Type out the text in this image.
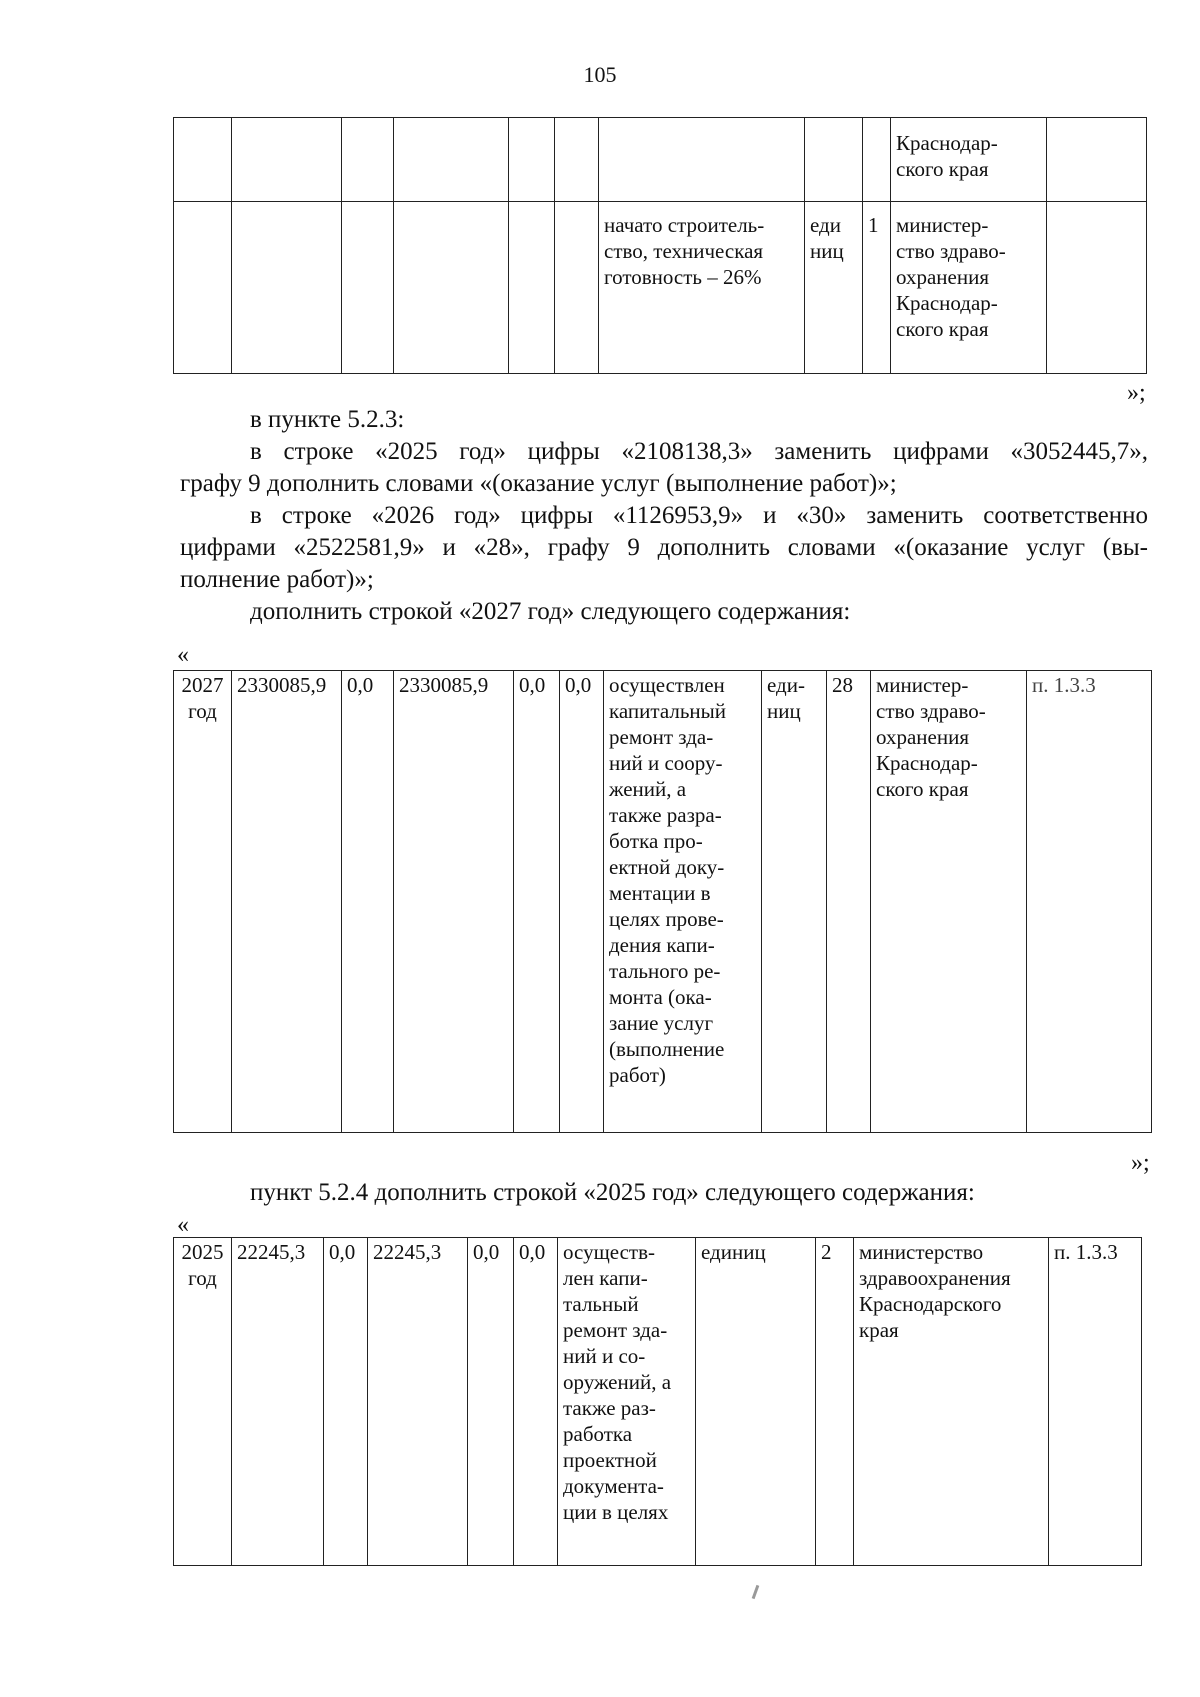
105
									Краснодар-
ского края	
						начато строитель-
ство, техническая
готовность – 26%	еди
ниц	1	министер-
ство здраво-
охранения
Краснодар-
ского края	
»;
в пункте 5.2.3:
в строке «2025 год» цифры «2108138,3» заменить цифрами «3052445,7»,
графу 9 дополнить словами «(оказание услуг (выполнение работ)»;
в строке «2026 год» цифры «1126953,9» и «30» заменить соответственно
цифрами «2522581,9» и «28», графу 9 дополнить словами «(оказание услуг (вы-
полнение работ)»;
дополнить строкой «2027 год» следующего содержания:
«
2027
год	2330085,9	0,0	2330085,9	0,0	0,0	осуществлен
капитальный
ремонт зда-
ний и соору-
жений, а
также разра-
ботка про-
ектной доку-
ментации в
целях прове-
дения капи-
тального ре-
монта (ока-
зание услуг
(выполнение
работ)	еди-
ниц	28	министер-
ство здраво-
охранения
Краснодар-
ского края	п. 1.3.3
»;
пункт 5.2.4 дополнить строкой «2025 год» следующего содержания:
«
2025
год	22245,3	0,0	22245,3	0,0	0,0	осуществ-
лен капи-
тальный
ремонт зда-
ний и со-
оружений, а
также раз-
работка
проектной
документа-
ции в целях	единиц	2	министерство
здравоохранения
Краснодарского
края	п. 1.3.3
